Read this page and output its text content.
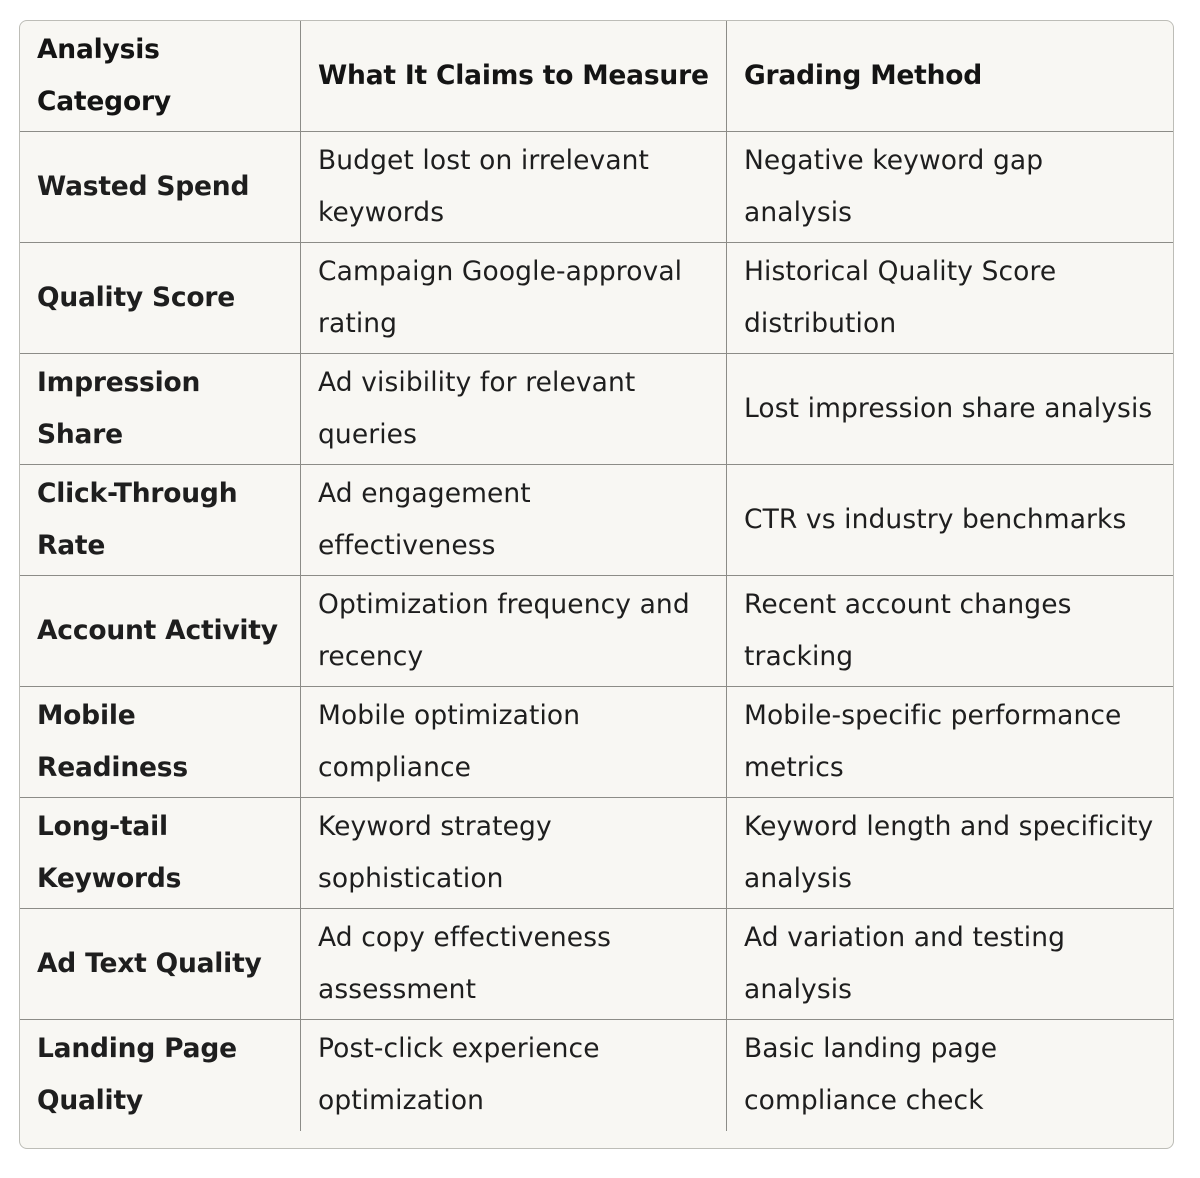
Analysis Category	What It Claims to Measure	Grading Method
Wasted Spend	Budget lost on irrelevant keywords	Negative keyword gap analysis
Quality Score	Campaign Google-approval rating	Historical Quality Score distribution
Impression Share	Ad visibility for relevant queries	Lost impression share analysis
Click-Through Rate	Ad engagement effectiveness	CTR vs industry benchmarks
Account Activity	Optimization frequency and recency	Recent account changes tracking
Mobile Readiness	Mobile optimization compliance	Mobile-specific performance metrics
Long-tail Keywords	Keyword strategy sophistication	Keyword length and specificity analysis
Ad Text Quality	Ad copy effectiveness assessment	Ad variation and testing analysis
Landing Page Quality	Post-click experience optimization	Basic landing page compliance check
